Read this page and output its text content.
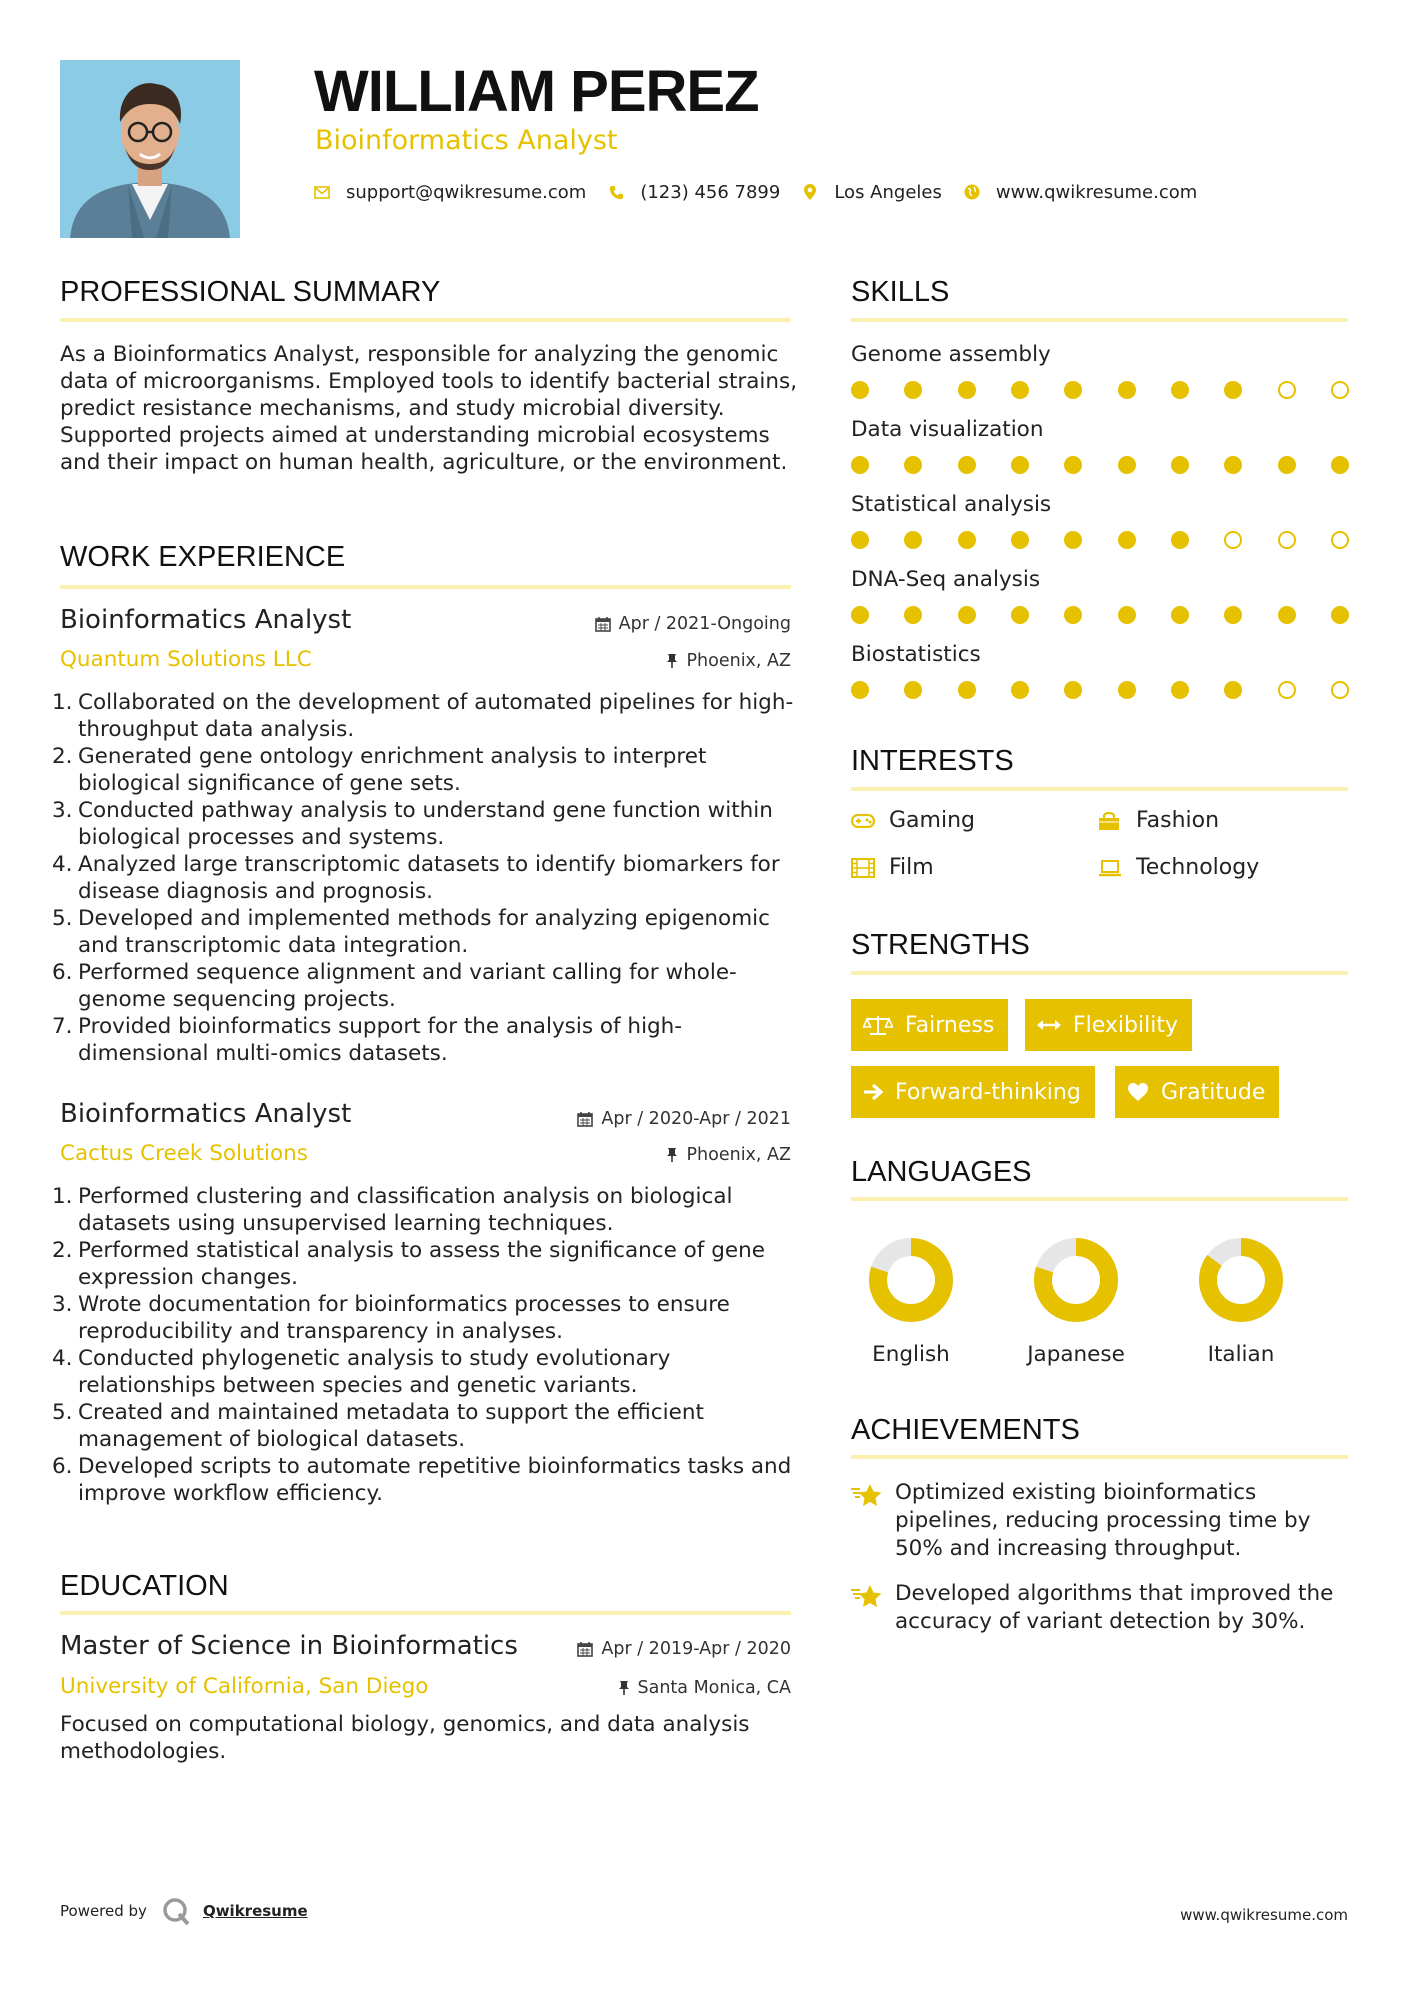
WILLIAM PEREZ
Bioinformatics Analyst
support@qwikresume.com	(123) 456 7899	Los Angeles	www.qwikresume.com
PROFESSIONAL SUMMARY
As a Bioinformatics Analyst, responsible for analyzing the genomic data of microorganisms. Employed tools to identify bacterial strains, predict resistance mechanisms, and study microbial diversity. Supported projects aimed at understanding microbial ecosystems and their impact on human health, agriculture, or the environment.
WORK EXPERIENCE
Bioinformatics Analyst	Apr / 2021-Ongoing
Quantum Solutions LLC	Phoenix, AZ
1. Collaborated on the development of automated pipelines for high-throughput data analysis.
2. Generated gene ontology enrichment analysis to interpret biological significance of gene sets.
3. Conducted pathway analysis to understand gene function within biological processes and systems.
4. Analyzed large transcriptomic datasets to identify biomarkers for disease diagnosis and prognosis.
5. Developed and implemented methods for analyzing epigenomic and transcriptomic data integration.
6. Performed sequence alignment and variant calling for whole-genome sequencing projects.
7. Provided bioinformatics support for the analysis of high-dimensional multi-omics datasets.
Bioinformatics Analyst	Apr / 2020-Apr / 2021
Cactus Creek Solutions	Phoenix, AZ
1. Performed clustering and classification analysis on biological datasets using unsupervised learning techniques.
2. Performed statistical analysis to assess the significance of gene expression changes.
3. Wrote documentation for bioinformatics processes to ensure reproducibility and transparency in analyses.
4. Conducted phylogenetic analysis to study evolutionary relationships between species and genetic variants.
5. Created and maintained metadata to support the efficient management of biological datasets.
6. Developed scripts to automate repetitive bioinformatics tasks and improve workflow efficiency.
EDUCATION
Master of Science in Bioinformatics	Apr / 2019-Apr / 2020
University of California, San Diego	Santa Monica, CA
Focused on computational biology, genomics, and data analysis methodologies.
SKILLS
Genome assembly
Data visualization
Statistical analysis
DNA-Seq analysis
Biostatistics
INTERESTS
Gaming	Fashion
Film	Technology
STRENGTHS
Fairness	Flexibility
Forward-thinking	Gratitude
LANGUAGES
English	Japanese	Italian
ACHIEVEMENTS
Optimized existing bioinformatics pipelines, reducing processing time by 50% and increasing throughput.
Developed algorithms that improved the accuracy of variant detection by 30%.
Powered by	Qwikresume	www.qwikresume.com
